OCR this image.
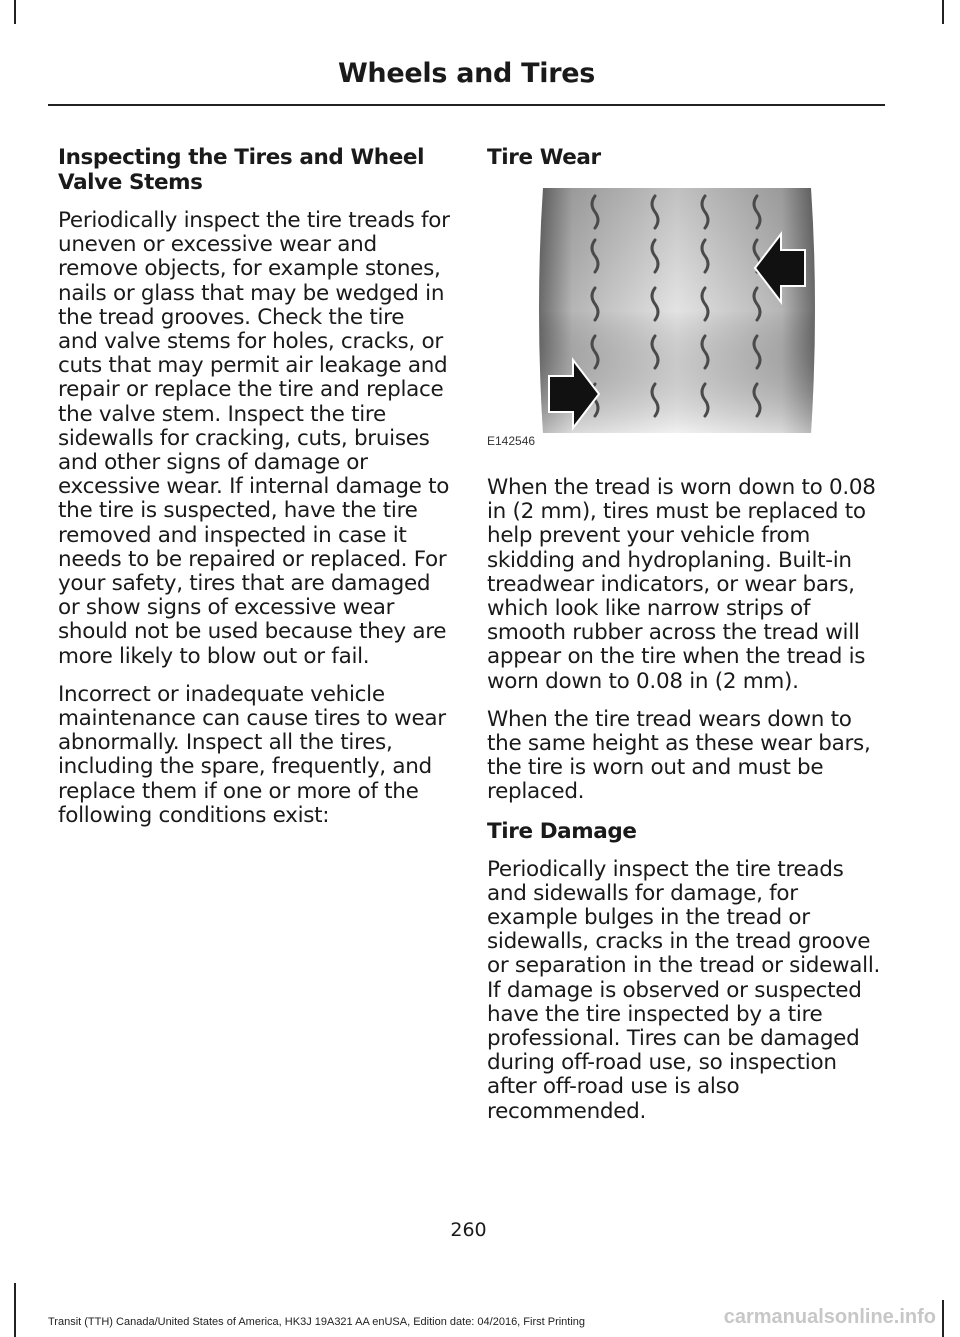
Wheels and Tires
Inspecting the Tires and Wheel Valve Stems

Periodically inspect the tire treads for uneven or excessive wear and remove objects, for example stones, nails or glass that may be wedged in the tread grooves. Check the tire and valve stems for holes, cracks, or cuts that may permit air leakage and repair or replace the tire and replace the valve stem. Inspect the tire sidewalls for cracking, cuts, bruises and other signs of damage or excessive wear. If internal damage to the tire is suspected, have the tire removed and inspected in case it needs to be repaired or replaced. For your safety, tires that are damaged or show signs of excessive wear should not be used because they are more likely to blow out or fail.

Incorrect or inadequate vehicle maintenance can cause tires to wear abnormally. Inspect all the tires, including the spare, frequently, and replace them if one or more of the following conditions exist:

Tire Wear
E142546

When the tread is worn down to 0.08 in (2 mm), tires must be replaced to help prevent your vehicle from skidding and hydroplaning. Built-in treadwear indicators, or wear bars, which look like narrow strips of smooth rubber across the tread will appear on the tire when the tread is worn down to 0.08 in (2 mm).

When the tire tread wears down to the same height as these wear bars, the tire is worn out and must be replaced.

Tire Damage

Periodically inspect the tire treads and sidewalls for damage, for example bulges in the tread or sidewalls, cracks in the tread groove or separation in the tread or sidewall. If damage is observed or suspected have the tire inspected by a tire professional. Tires can be damaged during off-road use, so inspection after off-road use is also recommended.

260
Transit (TTH) Canada/United States of America, HK3J 19A321 AA enUSA, Edition date: 04/2016, First Printing	carmanualsonline.info
